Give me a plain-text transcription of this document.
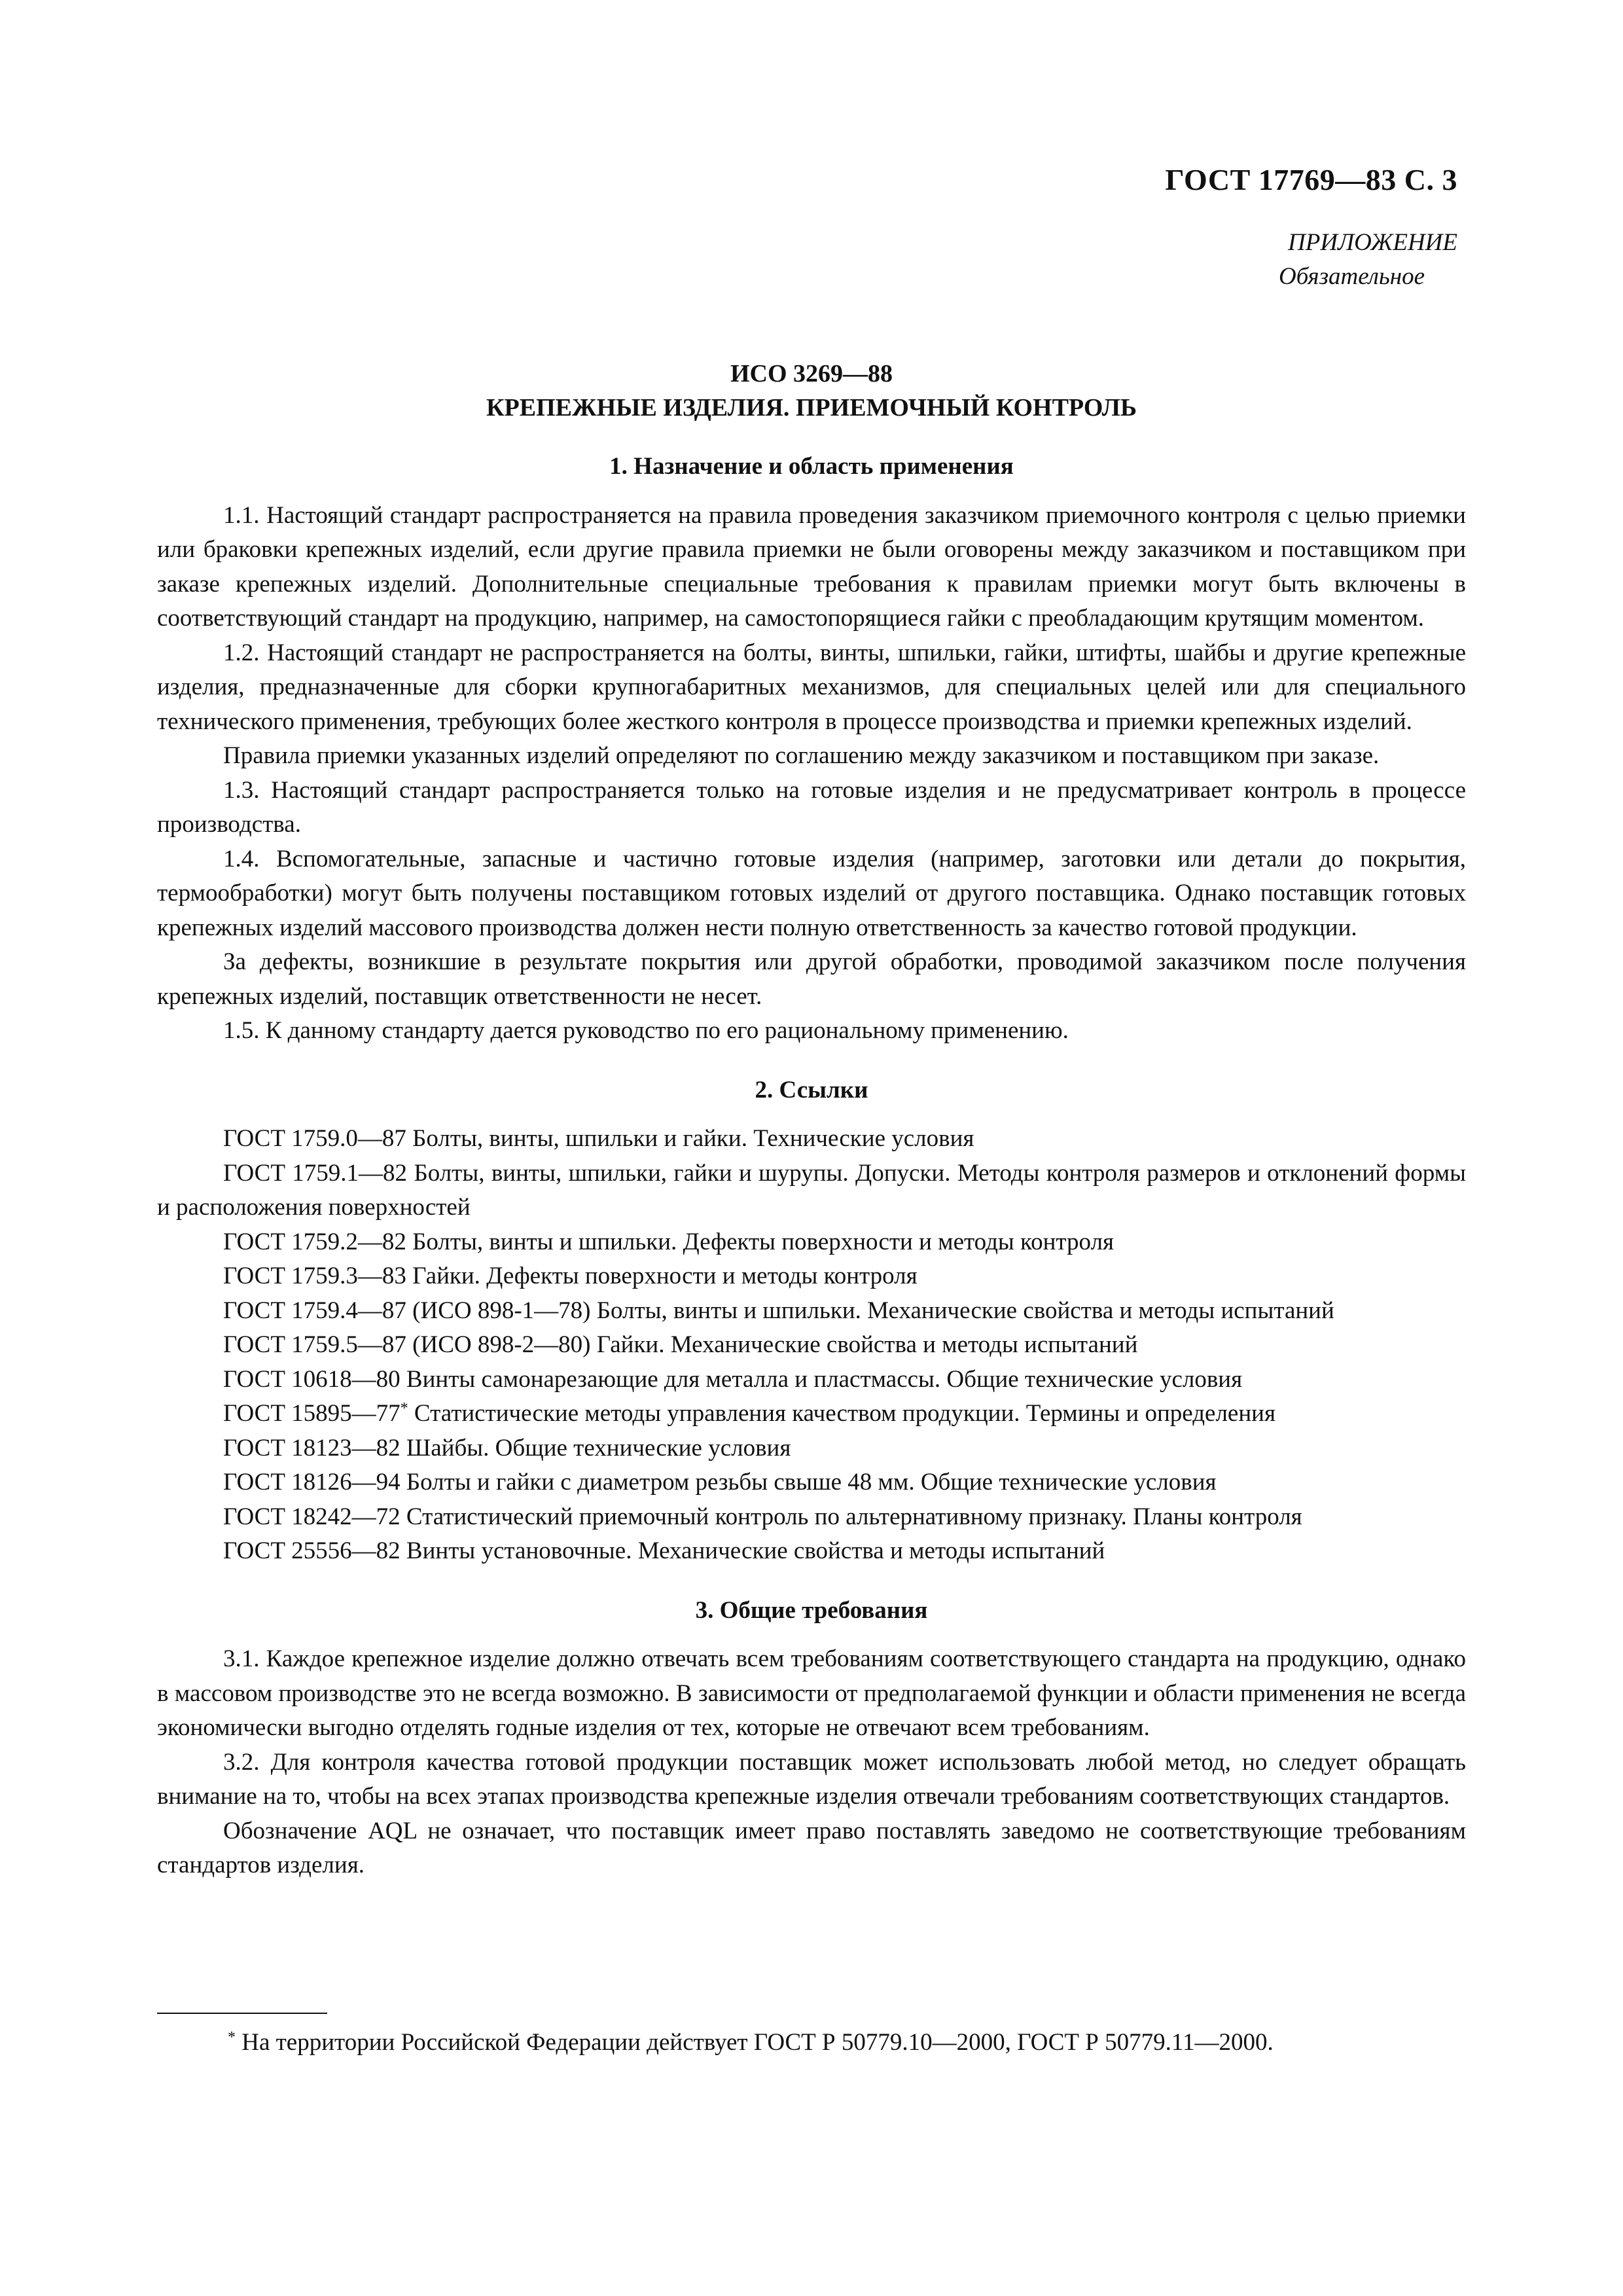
ГОСТ 17769—83 С. 3
ПРИЛОЖЕНИЕ
Обязательное
ИСО 3269—88
КРЕПЕЖНЫЕ ИЗДЕЛИЯ. ПРИЕМОЧНЫЙ КОНТРОЛЬ
1. Назначение и область применения

1.1. Настоящий стандарт распространяется на правила проведения заказчиком приемочного контроля с целью приемки или браковки крепежных изделий, если другие правила приемки не были оговорены между заказчиком и поставщиком при заказе крепежных изделий. Дополнительные специальные требования к правилам приемки могут быть включены в соответствующий стандарт на продукцию, например, на самостопорящиеся гайки с преобладающим крутящим моментом.

1.2. Настоящий стандарт не распространяется на болты, винты, шпильки, гайки, штифты, шайбы и другие крепежные изделия, предназначенные для сборки крупногабаритных механизмов, для специальных целей или для специального технического применения, требующих более жесткого контроля в процессе производства и приемки крепежных изделий.

Правила приемки указанных изделий определяют по соглашению между заказчиком и поставщиком при заказе.

1.3. Настоящий стандарт распространяется только на готовые изделия и не предусматривает контроль в процессе производства.

1.4. Вспомогательные, запасные и частично готовые изделия (например, заготовки или детали до покрытия, термообработки) могут быть получены поставщиком готовых изделий от другого поставщика. Однако поставщик готовых крепежных изделий массового производства должен нести полную ответственность за качество готовой продукции.

За дефекты, возникшие в результате покрытия или другой обработки, проводимой заказчиком после получения крепежных изделий, поставщик ответственности не несет.

1.5. К данному стандарту дается руководство по его рациональному применению.

2. Ссылки

ГОСТ 1759.0—87 Болты, винты, шпильки и гайки. Технические условия

ГОСТ 1759.1—82 Болты, винты, шпильки, гайки и шурупы. Допуски. Методы контроля размеров и отклонений формы и расположения поверхностей

ГОСТ 1759.2—82 Болты, винты и шпильки. Дефекты поверхности и методы контроля

ГОСТ 1759.3—83 Гайки. Дефекты поверхности и методы контроля

ГОСТ 1759.4—87 (ИСО 898-1—78) Болты, винты и шпильки. Механические свойства и методы испытаний

ГОСТ 1759.5—87 (ИСО 898-2—80) Гайки. Механические свойства и методы испытаний

ГОСТ 10618—80 Винты самонарезающие для металла и пластмассы. Общие технические условия

ГОСТ 15895—77* Статистические методы управления качеством продукции. Термины и определения

ГОСТ 18123—82 Шайбы. Общие технические условия

ГОСТ 18126—94 Болты и гайки с диаметром резьбы свыше 48 мм. Общие технические условия

ГОСТ 18242—72 Статистический приемочный контроль по альтернативному признаку. Планы контроля

ГОСТ 25556—82 Винты установочные. Механические свойства и методы испытаний

3. Общие требования

3.1. Каждое крепежное изделие должно отвечать всем требованиям соответствующего стандарта на продукцию, однако в массовом производстве это не всегда возможно. В зависимости от предполагаемой функции и области применения не всегда экономически выгодно отделять годные изделия от тех, которые не отвечают всем требованиям.

3.2. Для контроля качества готовой продукции поставщик может использовать любой метод, но следует обращать внимание на то, чтобы на всех этапах производства крепежные изделия отвечали требованиям соответствующих стандартов.

Обозначение AQL не означает, что поставщик имеет право поставлять заведомо не соответствующие требованиям стандартов изделия.

* На территории Российской Федерации действует ГОСТ Р 50779.10—2000, ГОСТ Р 50779.11—2000.
